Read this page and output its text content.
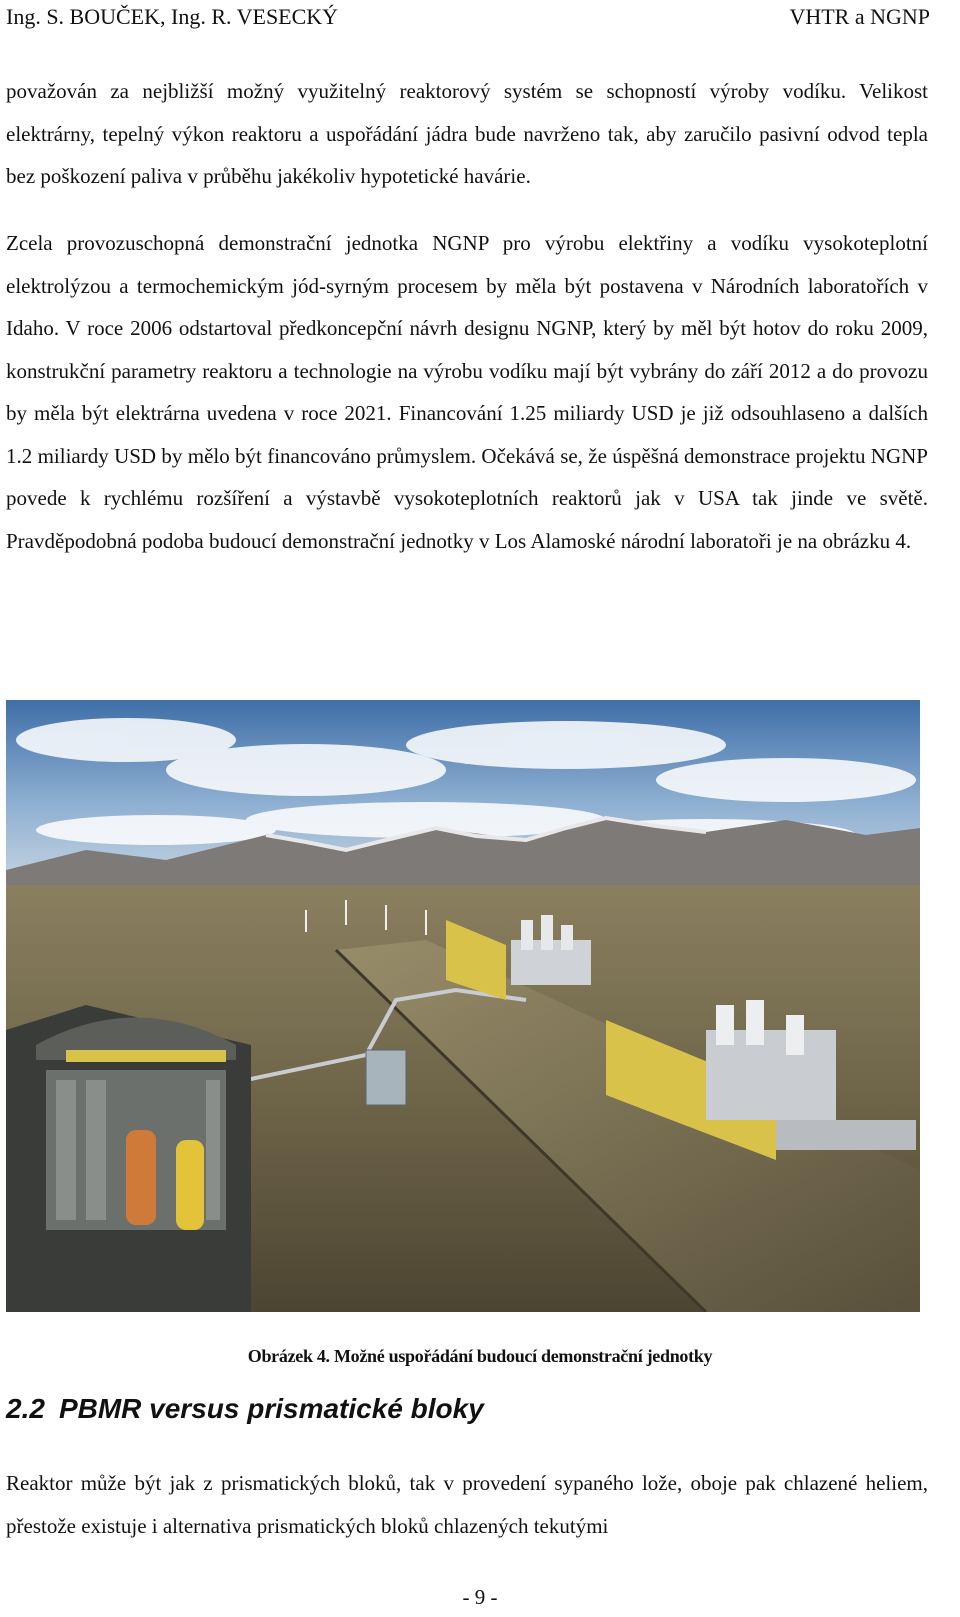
Ing. S. BOUČEK, Ing. R. VESECKÝ	VHTR a NGNP
považován za nejbližší možný využitelný reaktorový systém se schopností výroby vodíku. Velikost elektrárny, tepelný výkon reaktoru a uspořádání jádra bude navrženo tak, aby zaručilo pasivní odvod tepla bez poškození paliva v průběhu jakékoliv hypotetické havárie.
Zcela provozuschopná demonstrační jednotka NGNP pro výrobu elektřiny a vodíku vysokoteplotní elektrolýzou a termochemickým jód-syrným procesem by měla být postavena v Národních laboratořích v Idaho. V roce 2006 odstartoval předkoncepční návrh designu NGNP, který by měl být hotov do roku 2009, konstrukční parametry reaktoru a technologie na výrobu vodíku mají být vybrány do září 2012 a do provozu by měla být elektrárna uvedena v roce 2021. Financování 1.25 miliardy USD je již odsouhlaseno a dalších 1.2 miliardy USD by mělo být financováno průmyslem. Očekává se, že úspěšná demonstrace projektu NGNP povede k rychlému rozšíření a výstavbě vysokoteplotních reaktorů jak v USA tak jinde ve světě. Pravděpodobná podoba budoucí demonstrační jednotky v Los Alamoské národní laboratoři je na obrázku 4.
Obrázek 4. Možné uspořádání budoucí demonstrační jednotky
2.2 PBMR versus prismatické bloky
Reaktor může být jak z prismatických bloků, tak v provedení sypaného lože, oboje pak chlazené heliem, přestože existuje i alternativa prismatických bloků chlazených tekutými
- 9 -
